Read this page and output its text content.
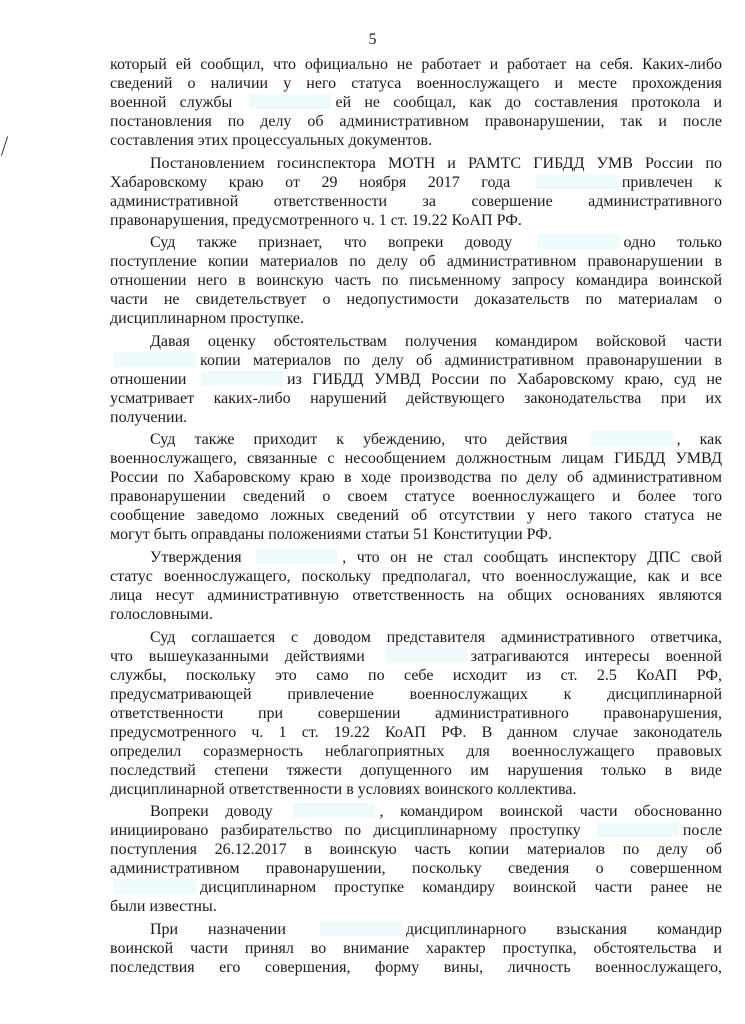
5
который ей сообщил, что официально не работает и работает на себя. Каких-либо
сведений о наличии у него статуса военнослужащего и месте прохождения
военной службы	ей не сообщал, как до составления протокола и
постановления по делу об административном правонарушении, так и после
составления этих процессуальных документов.
Постановлением госинспектора МОТН и РАМТС ГИБДД УМВ России по
Хабаровскому краю от 29 ноября 2017 года	привлечен к
административной ответственности за совершение административного
правонарушения, предусмотренного ч. 1 ст. 19.22 КоАП РФ.
Суд также признает, что вопреки доводу	одно только
поступление копии материалов по делу об административном правонарушении в
отношении него в воинскую часть по письменному запросу командира воинской
части не свидетельствует о недопустимости доказательств по материалам о
дисциплинарном проступке.
Давая оценку обстоятельствам получения командиром войсковой части
копии материалов по делу об административном правонарушении в
отношении	из ГИБДД УМВД России по Хабаровскому краю, суд не
усматривает каких-либо нарушений действующего законодательства при их
получении.
Суд также приходит к убеждению, что действия	, как
военнослужащего, связанные с несообщением должностным лицам ГИБДД УМВД
России по Хабаровскому краю в ходе производства по делу об административном
правонарушении сведений о своем статусе военнослужащего и более того
сообщение заведомо ложных сведений об отсутствии у него такого статуса не
могут быть оправданы положениями статьи 51 Конституции РФ.
Утверждения	, что он не стал сообщать инспектору ДПС свой
статус военнослужащего, поскольку предполагал, что военнослужащие, как и все
лица несут административную ответственность на общих основаниях являются
голословными.
Суд соглашается с доводом представителя административного ответчика,
что вышеуказанными действиями	затрагиваются интересы военной
службы, поскольку это само по себе исходит из ст. 2.5 КоАП РФ,
предусматривающей привлечение военнослужащих к дисциплинарной
ответственности при совершении административного правонарушения,
предусмотренного ч. 1 ст. 19.22 КоАП РФ. В данном случае законодатель
определил соразмерность неблагоприятных для военнослужащего правовых
последствий степени тяжести допущенного им нарушения только в виде
дисциплинарной ответственности в условиях воинского коллектива.
Вопреки доводу	, командиром воинской части обоснованно
инициировано разбирательство по дисциплинарному проступку	после
поступления 26.12.2017 в воинскую часть копии материалов по делу об
административном правонарушении, поскольку сведения о совершенном
дисциплинарном проступке командиру воинской части ранее не
были известны.
При назначении	дисциплинарного взыскания командир
воинской части принял во внимание характер проступка, обстоятельства и
последствия его совершения, форму вины, личность военнослужащего,
